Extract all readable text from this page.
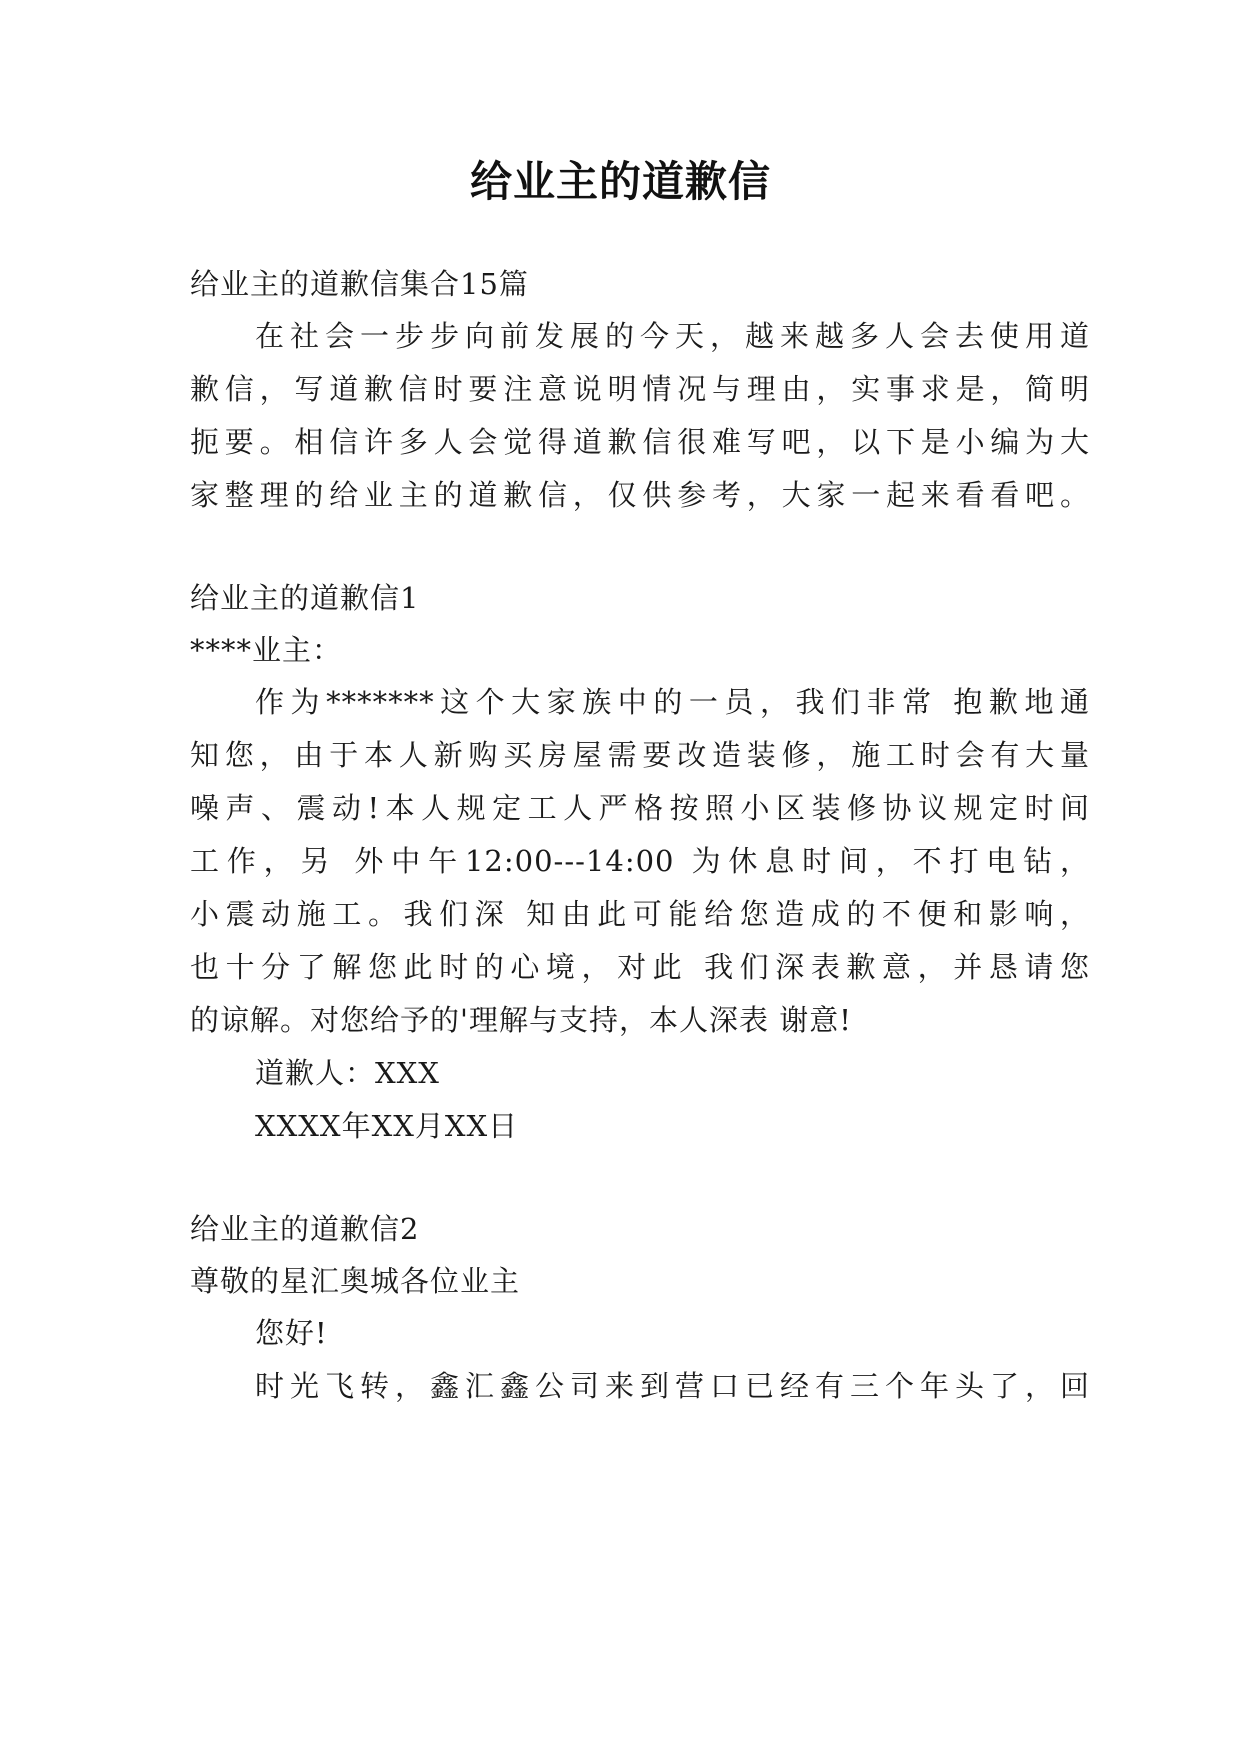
给业主的道歉信
给业主的道歉信集合15篇
在社会一步步向前发展的今天，越来越多人会去使用道
歉信，写道歉信时要注意说明情况与理由，实事求是，简明
扼要。相信许多人会觉得道歉信很难写吧，以下是小编为大
家整理的给业主的道歉信，仅供参考，大家一起来看看吧。
给业主的道歉信1
****业主：
作为*******这个大家族中的一员，我们非常 抱歉地通
知您，由于本人新购买房屋需要改造装修，施工时会有大量
噪声、震动!本人规定工人严格按照小区装修协议规定时间
工作，另 外中午12:00---14:00 为休息时间，不打电钻，
小震动施工。我们深 知由此可能给您造成的不便和影响，
也十分了解您此时的心境，对此 我们深表歉意，并恳请您
的谅解。对您给予的'理解与支持，本人深表 谢意!
道歉人：XXX
XXXX年XX月XX日
给业主的道歉信2
尊敬的星汇奥城各位业主
您好!
时光飞转，鑫汇鑫公司来到营口已经有三个年头了，回
